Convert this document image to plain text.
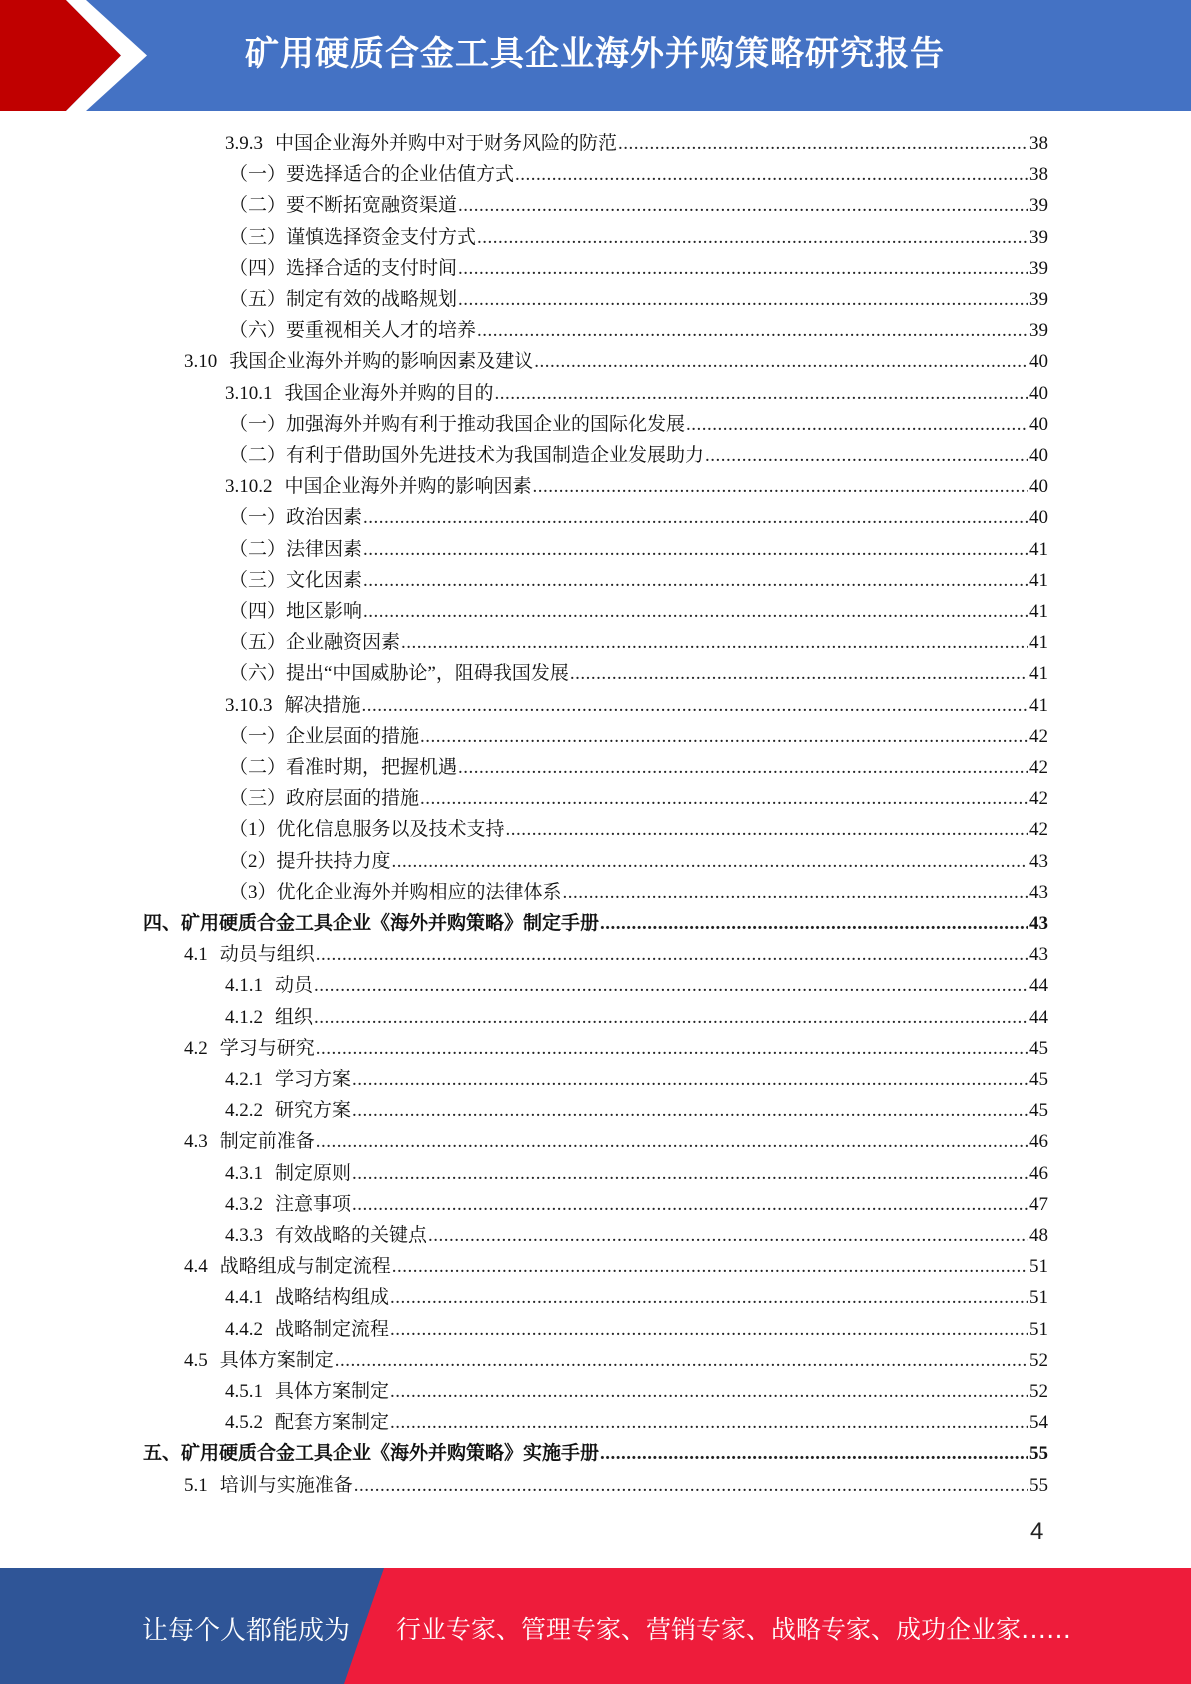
矿用硬质合金工具企业海外并购策略研究报告
3.9.3 中国企业海外并购中对于财务风险的防范 .....	38
（一）要选择适合的企业估值方式 .....	38
（二）要不断拓宽融资渠道 .....	39
（三）谨慎选择资金支付方式 .....	39
（四）选择合适的支付时间 .....	39
（五）制定有效的战略规划 .....	39
（六）要重视相关人才的培养 .....	39
3.10 我国企业海外并购的影响因素及建议 .....	40
3.10.1 我国企业海外并购的目的 .....	40
（一）加强海外并购有利于推动我国企业的国际化发展 .....	40
（二）有利于借助国外先进技术为我国制造企业发展助力 .....	40
3.10.2 中国企业海外并购的影响因素 .....	40
（一）政治因素 .....	40
（二）法律因素 .....	41
（三）文化因素 .....	41
（四）地区影响 .....	41
（五）企业融资因素 .....	41
（六）提出“中国威胁论”，阻碍我国发展 .....	41
3.10.3 解决措施 .....	41
（一）企业层面的措施 .....	42
（二）看准时期，把握机遇 .....	42
（三）政府层面的措施 .....	42
（1）优化信息服务以及技术支持 .....	42
（2）提升扶持力度 .....	43
（3）优化企业海外并购相应的法律体系 .....	43
四、矿用硬质合金工具企业《海外并购策略》制定手册 .....	43
4.1 动员与组织 .....	43
4.1.1 动员 .....	44
4.1.2 组织 .....	44
4.2 学习与研究 .....	45
4.2.1 学习方案 .....	45
4.2.2 研究方案 .....	45
4.3 制定前准备 .....	46
4.3.1 制定原则 .....	46
4.3.2 注意事项 .....	47
4.3.3 有效战略的关键点 .....	48
4.4 战略组成与制定流程 .....	51
4.4.1 战略结构组成 .....	51
4.4.2 战略制定流程 .....	51
4.5 具体方案制定 .....	52
4.5.1 具体方案制定 .....	52
4.5.2 配套方案制定 .....	54
五、矿用硬质合金工具企业《海外并购策略》实施手册 .....	55
5.1 培训与实施准备 .....	55
4
让每个人都能成为 行业专家、管理专家、营销专家、战略专家、成功企业家……
